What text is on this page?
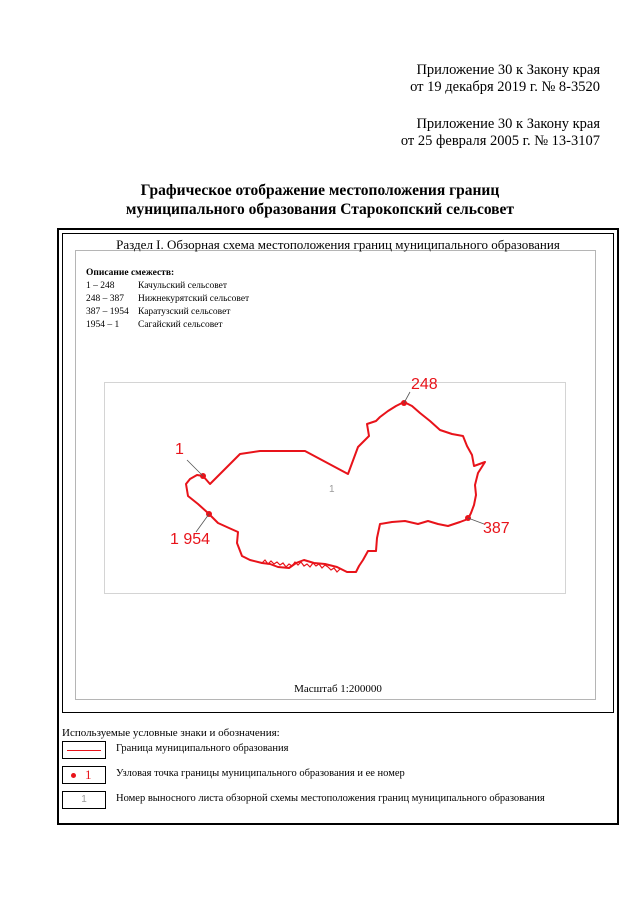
Приложение 30 к Закону края
от 19 декабря 2019 г. № 8-3520
Приложение 30 к Закону края
от 25 февраля 2005 г. № 13-3107
Графическое отображение местоположения границ
муниципального образования Старокопский сельсовет
Раздел I. Обзорная схема местоположения границ муниципального образования
Описание смежеств:
1 – 248	Качульский сельсовет
248 – 387	Нижнекурятский сельсовет
387 – 1954 Каратузский сельсовет
1954 – 1	Сагайский сельсовет
1
1
248
387
1 954
Масштаб 1:200000
Используемые условные знаки и обозначения:
Граница муниципального образования
1 Узловая точка границы муниципального образования и ее номер
1	Номер выносного листа обзорной схемы местоположения границ муниципального образования
